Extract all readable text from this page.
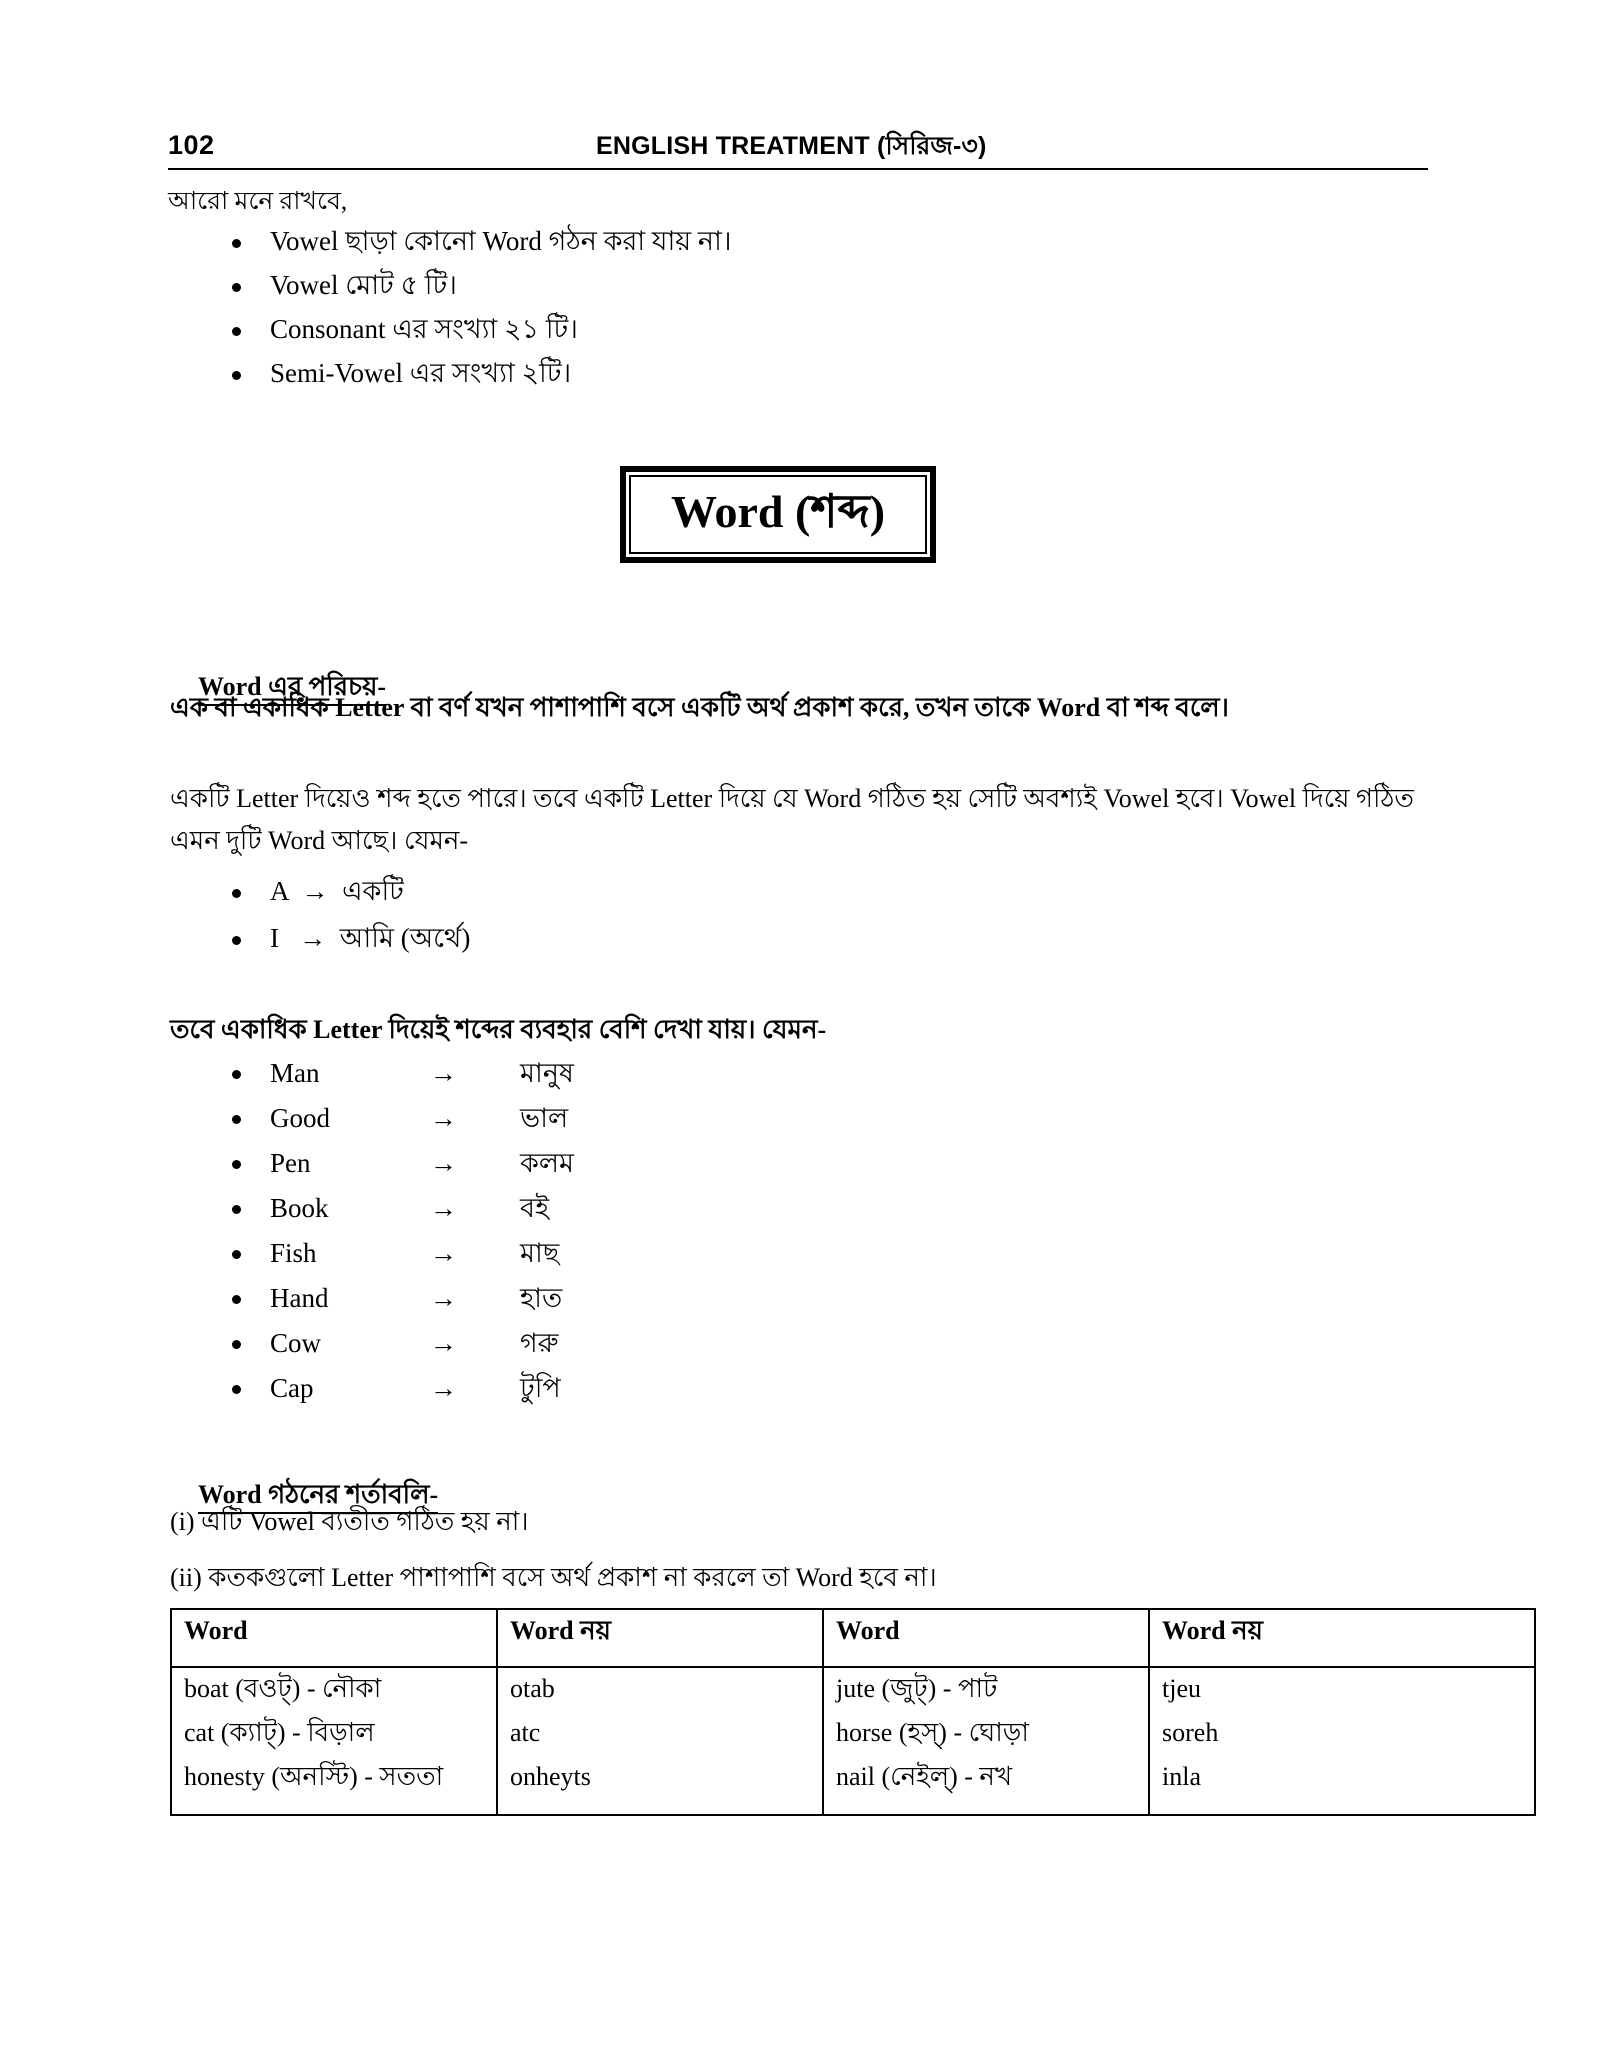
102	ENGLISH TREATMENT (সিরিজ-৩)
আরো মনে রাখবে,
Vowel ছাড়া কোনো Word গঠন করা যায় না।
Vowel মোট ৫ টি।
Consonant এর সংখ্যা ২১ টি।
Semi-Vowel এর সংখ্যা ২টি।
Word (শব্দ)

Word এর পরিচয়-

এক বা একাধিক Letter বা বর্ণ যখন পাশাপাশি বসে একটি অর্থ প্রকাশ করে, তখন তাকে Word বা শব্দ বলে।
একটি Letter দিয়েও শব্দ হতে পারে। তবে একটি Letter দিয়ে যে Word গঠিত হয় সেটি অবশ্যই Vowel হবে। Vowel দিয়ে গঠিত এমন দুটি Word আছে। যেমন-
A  →  একটি
I   →  আমি (অর্থে)
তবে একাধিক Letter দিয়েই শব্দের ব্যবহার বেশি দেখা যায়। যেমন-
Man	→	মানুষ
Good	→	ভাল
Pen	→	কলম
Book	→	বই
Fish	→	মাছ
Hand	→	হাত
Cow	→	গরু
Cap	→	টুপি

Word গঠনের শর্তাবলি-

(i) এটি Vowel ব্যতীত গঠিত হয় না।
(ii) কতকগুলো Letter পাশাপাশি বসে অর্থ প্রকাশ না করলে তা Word হবে না।
Word	Word নয়	Word	Word নয়

boat (বওট্) - নৌকা
cat (ক্যাট্) - বিড়াল
honesty (অনস্টি) - সততা

otab
atc
onheyts

jute (জুট্) - পাট
horse (হস্) - ঘোড়া
nail (নেইল্) - নখ

tjeu
soreh
inla
